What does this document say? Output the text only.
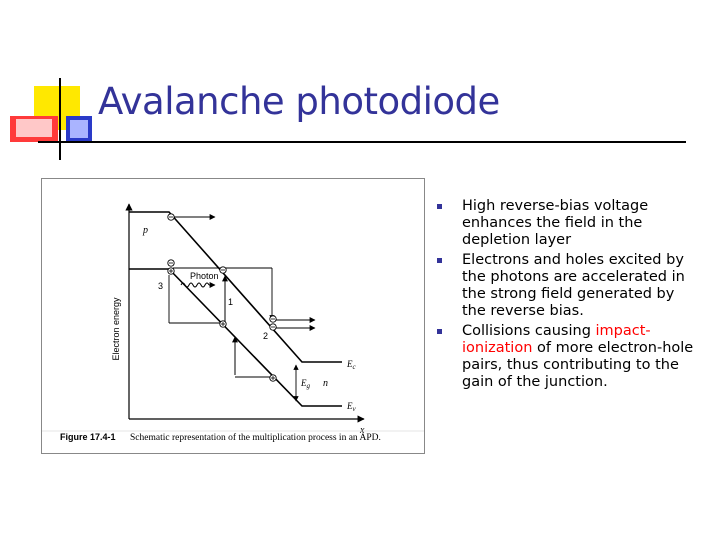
Avalanche photodiode
Electron energy
x
p
n
$E_c$
$E_v$
$E_g$
3
Photon
1
2
Figure 17.4-1 Schematic representation of the multiplication process in an APD.
High reverse-bias voltage enhances the field in the depletion layer
Electrons and holes excited by the photons are accelerated in the strong field generated by the reverse bias.
Collisions causing impact-ionization of more electron-hole pairs, thus contributing to the gain of the junction.
